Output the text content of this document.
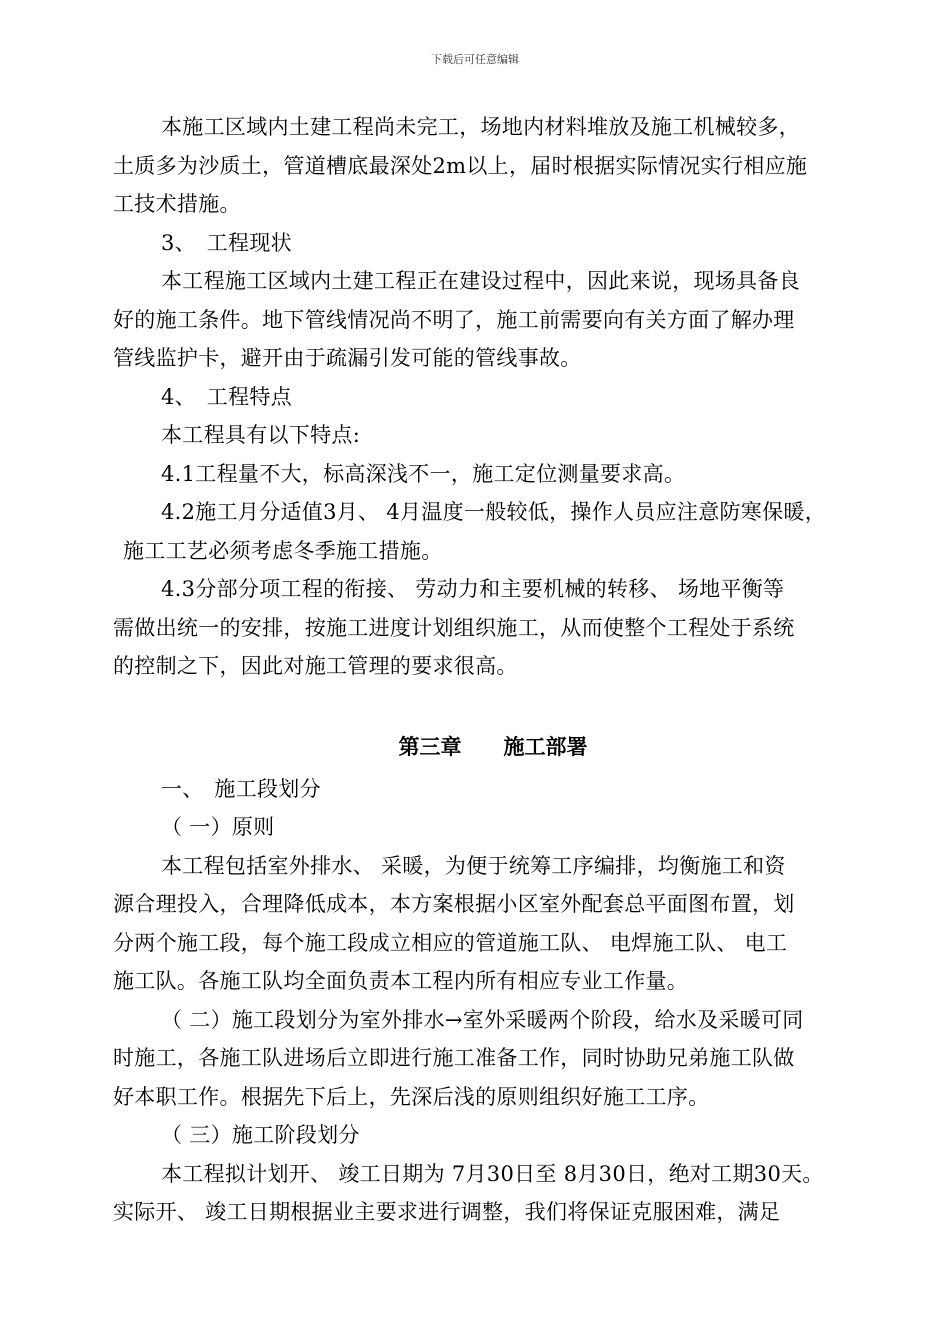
下载后可任意编辑
本施工区域内土建工程尚未完工，场地内材料堆放及施工机械较多，
土质多为沙质土，管道槽底最深处2m以上，届时根据实际情况实行相应施
工技术措施。
3、　工程现状
本工程施工区域内土建工程正在建设过程中，因此来说，现场具备良
好的施工条件。地下管线情况尚不明了，施工前需要向有关方面了解办理
管线监护卡，避开由于疏漏引发可能的管线事故。
4、　工程特点
本工程具有以下特点:
4.1工程量不大，标高深浅不一，施工定位测量要求高。
4.2施工月分适值3月、 4月温度一般较低，操作人员应注意防寒保暖，
施工工艺必须考虑冬季施工措施。
4.3分部分项工程的衔接、 劳动力和主要机械的转移、 场地平衡等
需做出统一的安排，按施工进度计划组织施工，从而使整个工程处于系统
的控制之下，因此对施工管理的要求很高。
第三章　　施工部署
一、　施工段划分
（ 一）原则
本工程包括室外排水、 采暖，为便于统筹工序编排，均衡施工和资
源合理投入，合理降低成本，本方案根据小区室外配套总平面图布置，划
分两个施工段，每个施工段成立相应的管道施工队、 电焊施工队、 电工
施工队。各施工队均全面负责本工程内所有相应专业工作量。
（ 二）施工段划分为室外排水→室外采暖两个阶段，给水及采暖可同
时施工，各施工队进场后立即进行施工准备工作，同时协助兄弟施工队做
好本职工作。根据先下后上，先深后浅的原则组织好施工工序。
（ 三）施工阶段划分
本工程拟计划开、 竣工日期为 7月30日至 8月30日，绝对工期30天。
实际开、 竣工日期根据业主要求进行调整，我们将保证克服困难，满足
